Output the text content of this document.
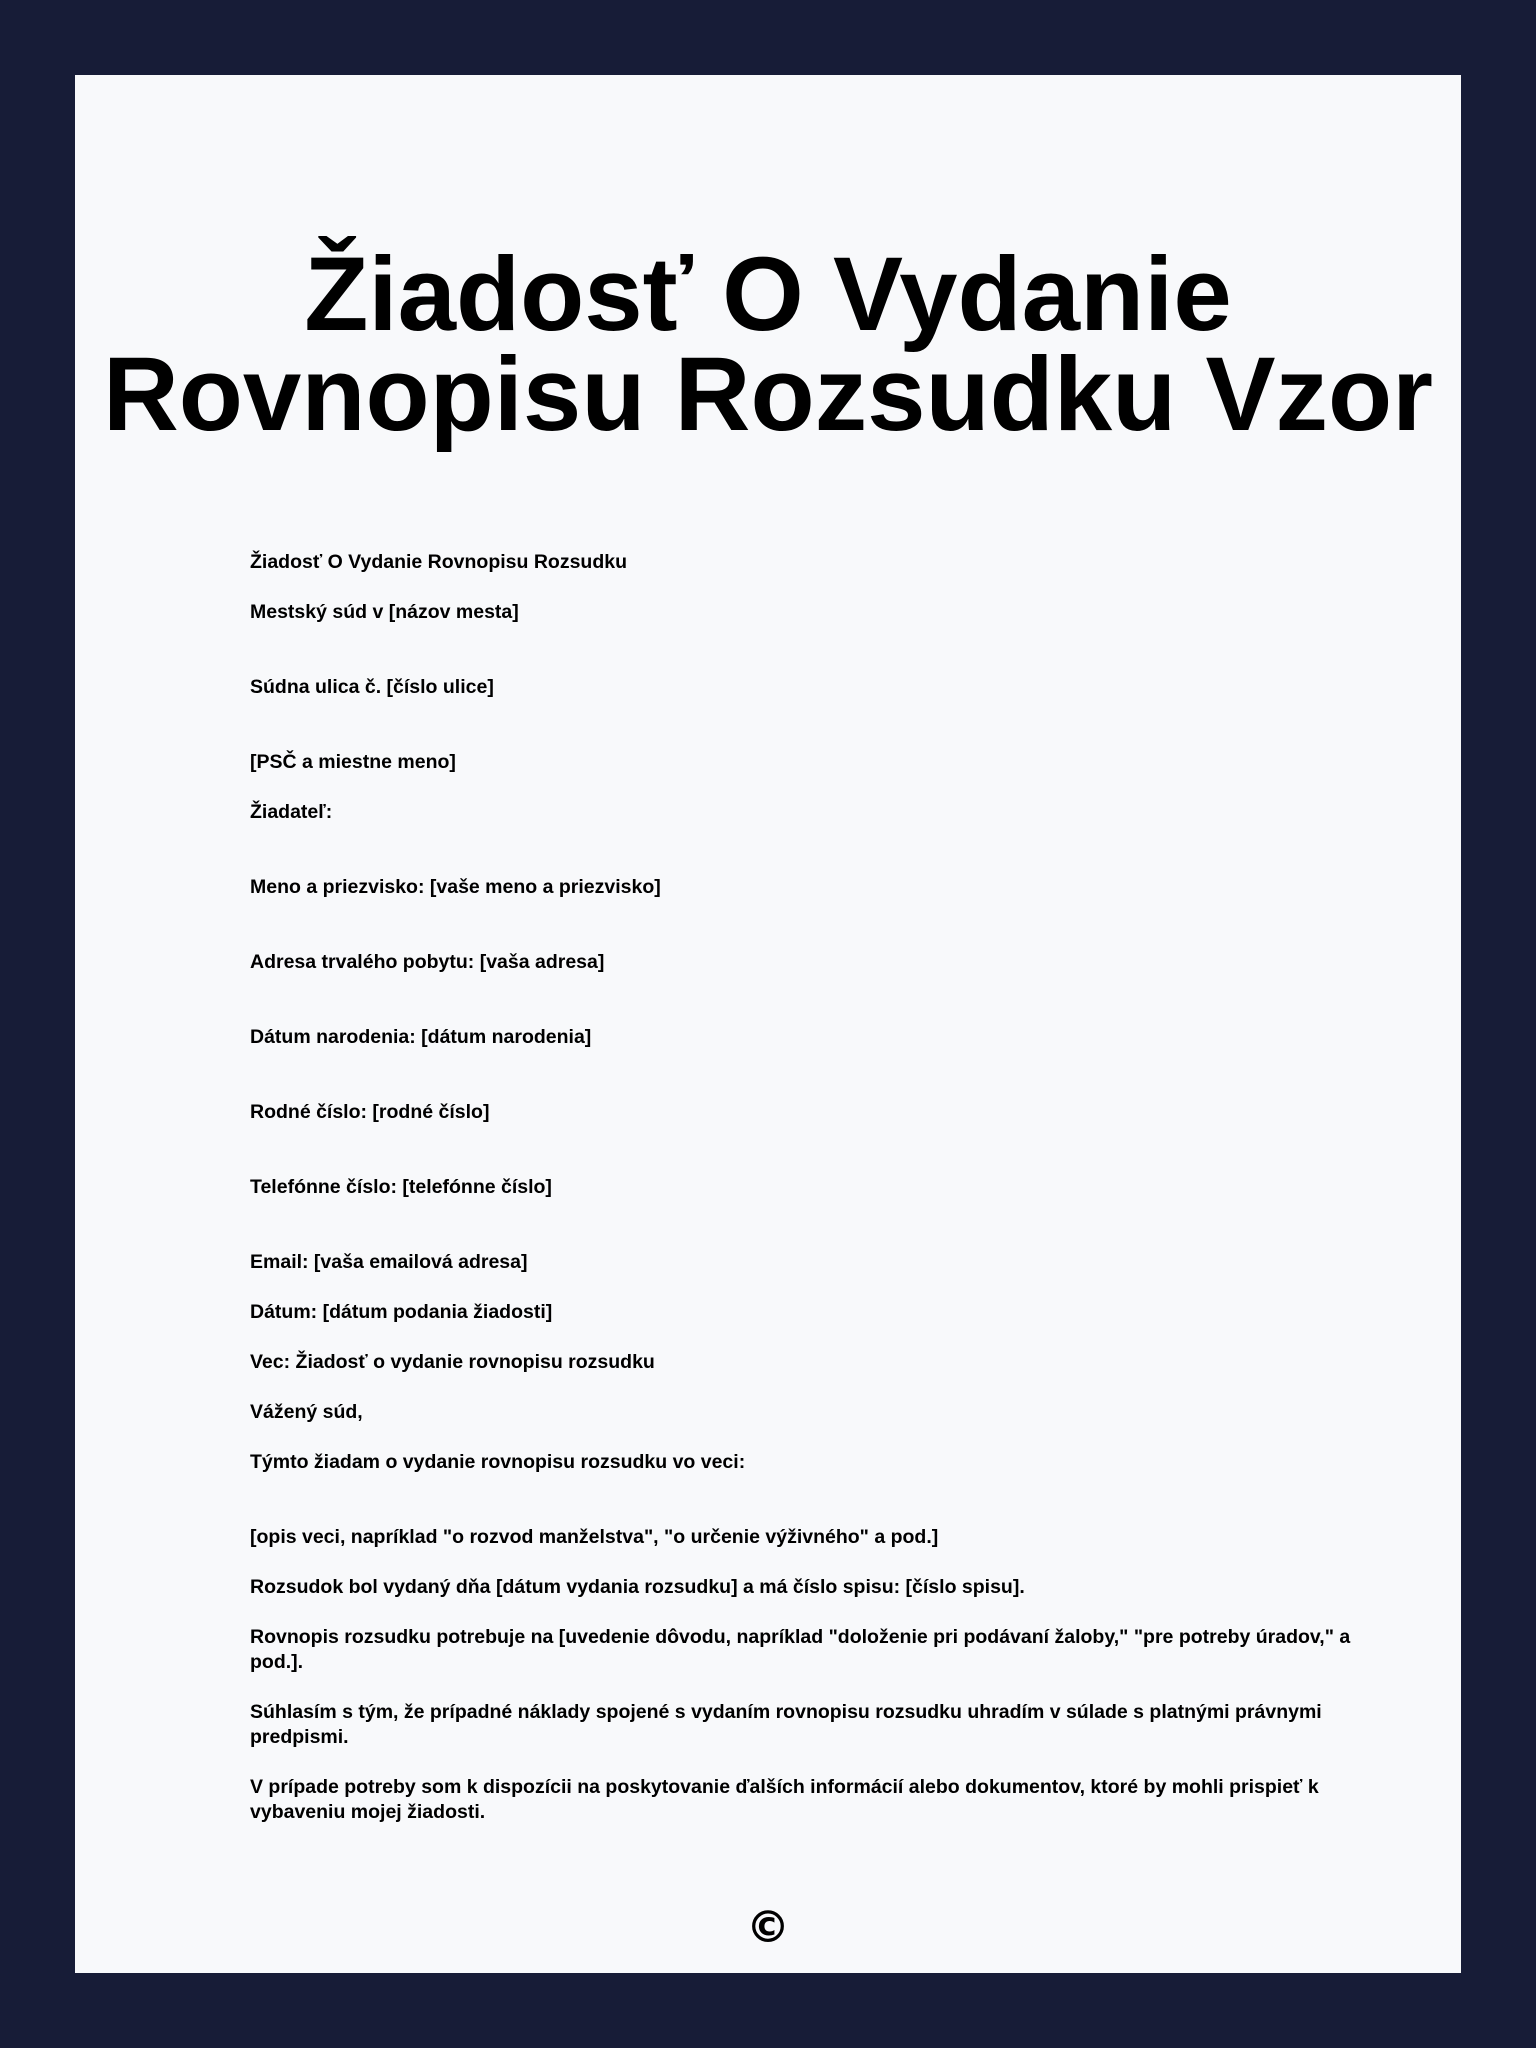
Žiadosť O Vydanie Rovnopisu Rozsudku Vzor

Žiadosť O Vydanie Rovnopisu Rozsudku

Mestský súd v [názov mesta]

Súdna ulica č. [číslo ulice]

[PSČ a miestne meno]

Žiadateľ:

Meno a priezvisko: [vaše meno a priezvisko]

Adresa trvalého pobytu: [vaša adresa]

Dátum narodenia: [dátum narodenia]

Rodné číslo: [rodné číslo]

Telefónne číslo: [telefónne číslo]

Email: [vaša emailová adresa]

Dátum: [dátum podania žiadosti]

Vec: Žiadosť o vydanie rovnopisu rozsudku

Vážený súd,

Týmto žiadam o vydanie rovnopisu rozsudku vo veci:

[opis veci, napríklad "o rozvod manželstva", "o určenie výživného" a pod.]

Rozsudok bol vydaný dňa [dátum vydania rozsudku] a má číslo spisu: [číslo spisu].

Rovnopis rozsudku potrebuje na [uvedenie dôvodu, napríklad "doloženie pri podávaní žaloby," "pre potreby úradov," a pod.].

Súhlasím s tým, že prípadné náklady spojené s vydaním rovnopisu rozsudku uhradím v súlade s platnými právnymi predpismi.

V prípade potreby som k dispozícii na poskytovanie ďalších informácií alebo dokumentov, ktoré by mohli prispieť k vybaveniu mojej žiadosti.

©
